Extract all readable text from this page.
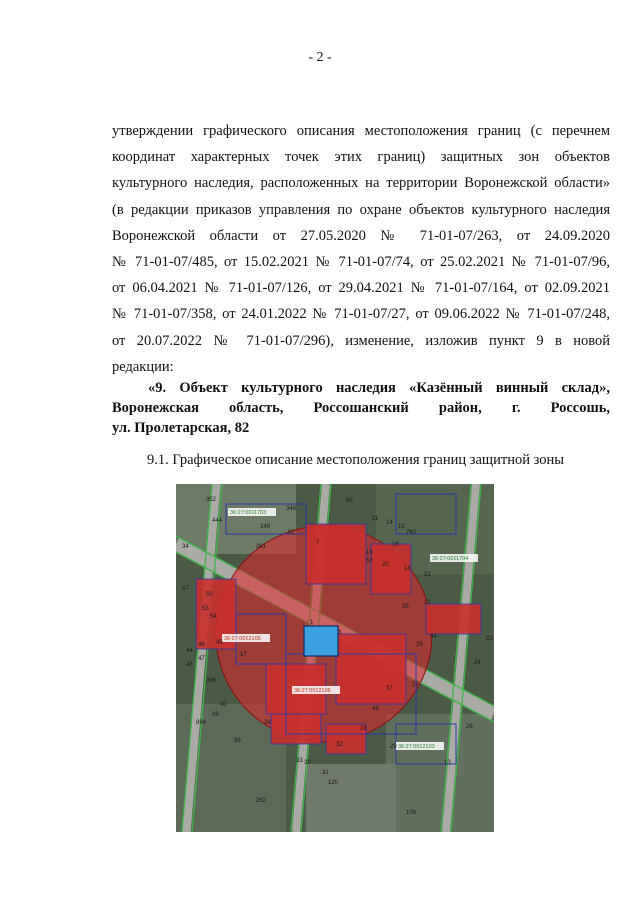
- 2 -
утверждении графического описания местоположения границ (с перечнем
координат характерных точек этих границ) защитных зон объектов
культурного наследия, расположенных на территории Воронежской области»
(в редакции приказов управления по охране объектов культурного наследия
Воронежской области от 27.05.2020 № 71-01-07/263, от 24.09.2020
№ 71-01-07/485, от 15.02.2021 № 71-01-07/74, от 25.02.2021 № 71-01-07/96,
от 06.04.2021 № 71-01-07/126, от 29.04.2021 № 71-01-07/164, от 02.09.2021
№ 71-01-07/358, от 24.01.2022 № 71-01-07/27, от 09.06.2022 № 71-01-07/248,
от 20.07.2022 № 71-01-07/296), изменение, изложив пункт 9 в новой
редакции:
«9. Объект культурного наследия «Казённый винный склад»,
Воронежская область, Россошанский район, г. Россошь,
ул. Пролетарская, 82
9.1. Графическое описание местоположения границ защитной зоны
36:27:0011703
36:27:0011704
36:27:0012105
36:27:0012106
36:27:0012103
352
444
349
348
261
62
65
11
14
15
760
16
20
18
21
22
19
7
3
1
52
34
57
50
53
54
43
44
46
47
17
39
40
48
38
36
396
894
28
30
31
33
32
120
13
29
35
23
24
26
27
37
262
64
106
45	25
